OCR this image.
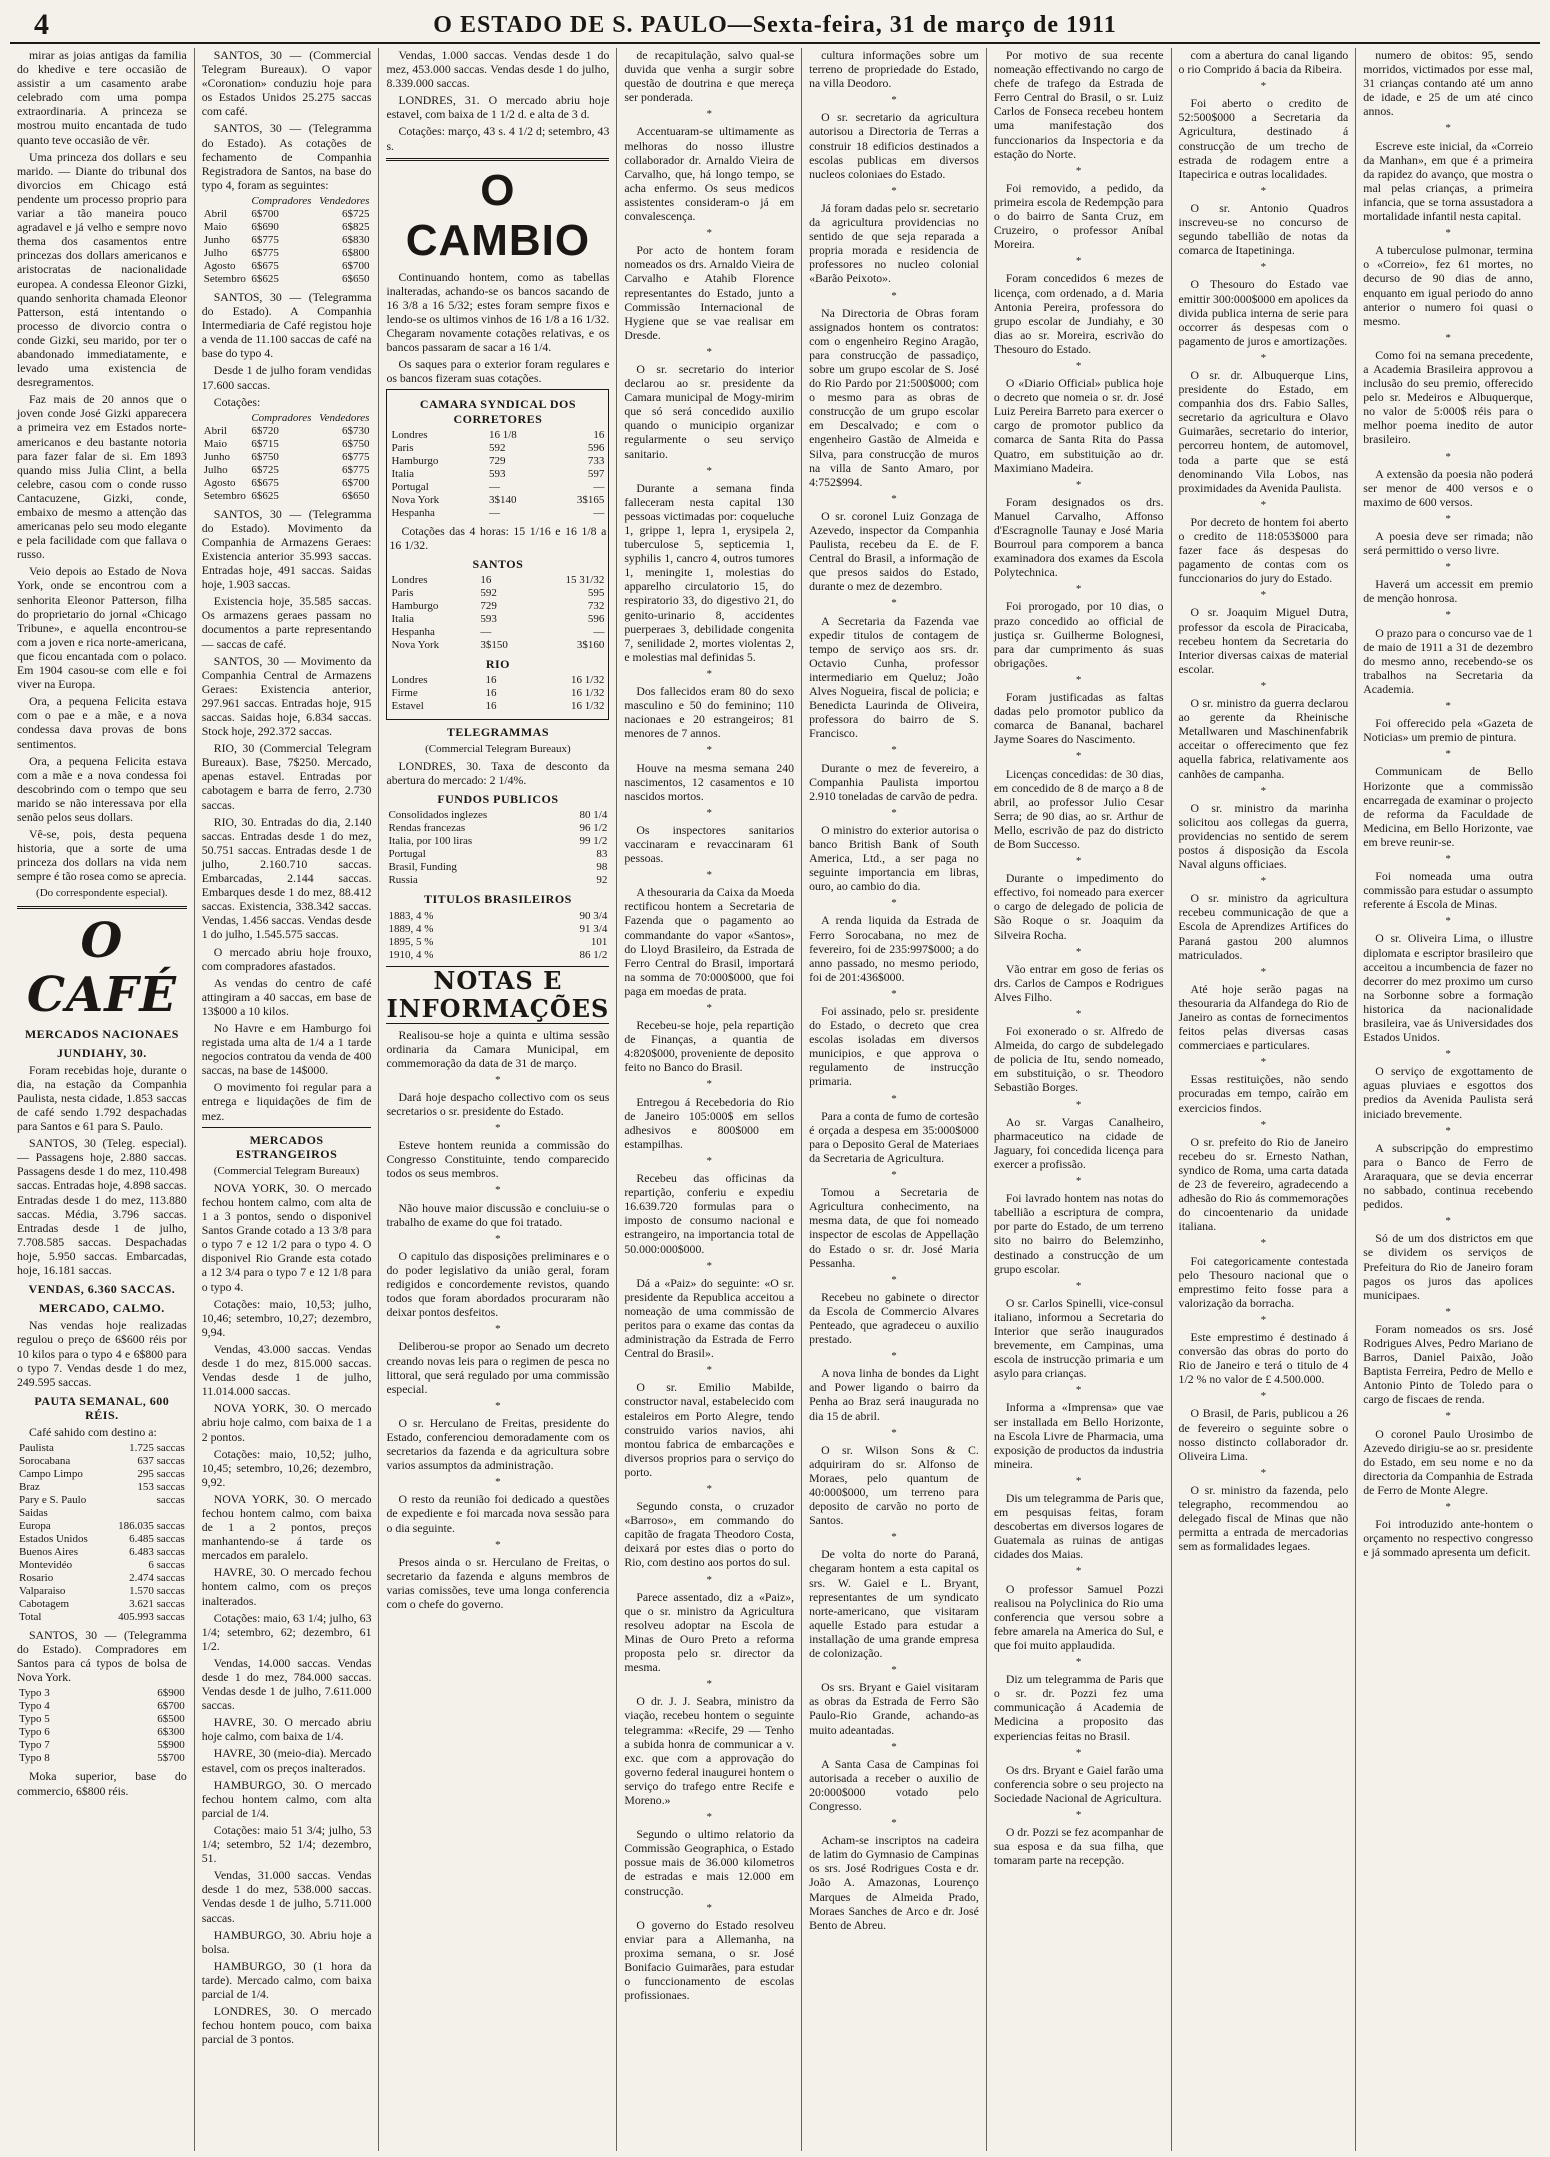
4	O ESTADO DE S. PAULO—Sexta-feira, 31 de março de 1911

mirar as joias antigas da familia do khedive e tere occasião de assistir a um casamento arabe celebrado com uma pompa extraordinaria. A princeza se mostrou muito encantada de tudo quanto teve occasião de vêr.

Uma princeza dos dollars e seu marido. — Diante do tribunal dos divorcios em Chicago está pendente um processo proprio para variar a tão maneira pouco agradavel e já velho e sempre novo thema dos casamentos entre princezas dos dollars americanos e aristocratas de nacionalidade europea. A condessa Eleonor Gizki, quando senhorita chamada Eleonor Patterson, está intentando o processo de divorcio contra o conde Gizki, seu marido, por ter o abandonado immediatamente, e levado uma existencia de desregramentos.

Faz mais de 20 annos que o joven conde José Gizki apparecera a primeira vez em Estados norte-americanos e deu bastante notoria para fazer falar de si. Em 1893 quando miss Julia Clint, a bella celebre, casou com o conde russo Cantacuzene, Gizki, conde, embaixo de mesmo a attenção das americanas pelo seu modo elegante e pela facilidade com que fallava o russo.

Veio depois ao Estado de Nova York, onde se encontrou com a senhorita Eleonor Patterson, filha do proprietario do jornal «Chicago Tribune», e aquella encontrou-se com a joven e rica norte-americana, que ficou encantada com o polaco. Em 1904 casou-se com elle e foi viver na Europa.

Ora, a pequena Felicita estava com o pae e a mãe, e a nova condessa dava provas de bons sentimentos.

Ora, a pequena Felicita estava com a mãe e a nova condessa foi descobrindo com o tempo que seu marido se não interessava por ella senão pelos seus dollars.

Vê-se, pois, desta pequena historia, que a sorte de uma princeza dos dollars na vida nem sempre é tão rosea como se aprecia.

(Do correspondente especial).
O CAFÉ
MERCADOS NACIONAES
JUNDIAHY, 30.

Foram recebidas hoje, durante o dia, na estação da Companhia Paulista, nesta cidade, 1.853 saccas de café sendo 1.792 despachadas para Santos e 61 para S. Paulo.

SANTOS, 30 (Teleg. especial). — Passagens hoje, 2.880 saccas. Passagens desde 1 do mez, 110.498 saccas. Entradas hoje, 4.898 saccas. Entradas desde 1 do mez, 113.880 saccas. Média, 3.796 saccas. Entradas desde 1 de julho, 7.708.585 saccas. Despachadas hoje, 5.950 saccas. Embarcadas, hoje, 16.181 saccas.

VENDAS, 6.360 SACCAS.
MERCADO, CALMO.

Nas vendas hoje realizadas regulou o preço de 6$600 réis por 10 kilos para o typo 4 e 6$800 para o typo 7. Vendas desde 1 do mez, 249.595 saccas.

PAUTA SEMANAL, 600 RÉIS.

Café sahido com destino a:

Paulista	1.725 saccas
Sorocabana	637 saccas
Campo Limpo	295 saccas
Braz	153 saccas
Pary e S. Paulo	saccas
Saidas	
Europa	186.035 saccas
Estados Unidos	6.485 saccas
Buenos Aires	6.483 saccas
Montevidéo	6 saccas
Rosario	2.474 saccas
Valparaiso	1.570 saccas
Cabotagem	3.621 saccas
Total	405.993 saccas

SANTOS, 30 — (Telegramma do Estado). Compradores em Santos para cá typos de bolsa de Nova York.

Typo 3	6$900
Typo 4	6$700
Typo 5	6$500
Typo 6	6$300
Typo 7	5$900
Typo 8	5$700

Moka superior, base do commercio, 6$800 réis.

SANTOS, 30 — (Commercial Telegram Bureaux). O vapor «Coronation» conduziu hoje para os Estados Unidos 25.275 saccas com café.

SANTOS, 30 — (Telegramma do Estado). As cotações de fechamento de Companhia Registradora de Santos, na base do typo 4, foram as seguintes:

	Compradores	Vendedores
Abril	6$700	6$725
Maio	6$690	6$825
Junho	6$775	6$830
Julho	6$775	6$800
Agosto	6$675	6$700
Setembro	6$625	6$650

SANTOS, 30 — (Telegramma do Estado). A Companhia Intermediaria de Café registou hoje a venda de 11.100 saccas de café na base do typo 4.

Desde 1 de julho foram vendidas 17.600 saccas.

Cotações:

	Compradores	Vendedores
Abril	6$720	6$730
Maio	6$715	6$750
Junho	6$750	6$775
Julho	6$725	6$775
Agosto	6$675	6$700
Setembro	6$625	6$650

SANTOS, 30 — (Telegramma do Estado). Movimento da Companhia de Armazens Geraes: Existencia anterior 35.993 saccas. Entradas hoje, 491 saccas. Saidas hoje, 1.903 saccas.

Existencia hoje, 35.585 saccas. Os armazens geraes passam no documentos a parte representando — saccas de café.

SANTOS, 30 — Movimento da Companhia Central de Armazens Geraes: Existencia anterior, 297.961 saccas. Entradas hoje, 915 saccas. Saidas hoje, 6.834 saccas. Stock hoje, 292.372 saccas.

RIO, 30 (Commercial Telegram Bureaux). Base, 7$250. Mercado, apenas estavel. Entradas por cabotagem e barra de ferro, 2.730 saccas.

RIO, 30. Entradas do dia, 2.140 saccas. Entradas desde 1 do mez, 50.751 saccas. Entradas desde 1 de julho, 2.160.710 saccas. Embarcadas, 2.144 saccas. Embarques desde 1 do mez, 88.412 saccas. Existencia, 338.342 saccas. Vendas, 1.456 saccas. Vendas desde 1 do julho, 1.545.575 saccas.

O mercado abriu hoje frouxo, com compradores afastados.

As vendas do centro de café attingiram a 40 saccas, em base de 13$000 a 10 kilos.

No Havre e em Hamburgo foi registada uma alta de 1/4 a 1 tarde negocios contratou da venda de 400 saccas, na base de 14$000.

O movimento foi regular para a entrega e liquidações de fim de mez.

MERCADOS ESTRANGEIROS
(Commercial Telegram Bureaux)

NOVA YORK, 30. O mercado fechou hontem calmo, com alta de 1 a 3 pontos, sendo o disponivel Santos Grande cotado a 13 3/8 para o typo 7 e 12 1/2 para o typo 4. O disponivel Rio Grande esta cotado a 12 3/4 para o typo 7 e 12 1/8 para o typo 4.

Cotações: maio, 10,53; julho, 10,46; setembro, 10,27; dezembro, 9,94.

Vendas, 43.000 saccas. Vendas desde 1 do mez, 815.000 saccas. Vendas desde 1 de julho, 11.014.000 saccas.

NOVA YORK, 30. O mercado abriu hoje calmo, com baixa de 1 a 2 pontos.

Cotações: maio, 10,52; julho, 10,45; setembro, 10,26; dezembro, 9,92.

NOVA YORK, 30. O mercado fechou hontem calmo, com baixa de 1 a 2 pontos, preços manhantendo-se á tarde os mercados em paralelo.

HAVRE, 30. O mercado fechou hontem calmo, com os preços inalterados.

Cotações: maio, 63 1/4; julho, 63 1/4; setembro, 62; dezembro, 61 1/2.

Vendas, 14.000 saccas. Vendas desde 1 do mez, 784.000 saccas. Vendas desde 1 de julho, 7.611.000 saccas.

HAVRE, 30. O mercado abriu hoje calmo, com baixa de 1/4.

HAVRE, 30 (meio-dia). Mercado estavel, com os preços inalterados.

HAMBURGO, 30. O mercado fechou hontem calmo, com alta parcial de 1/4.

Cotações: maio 51 3/4; julho, 53 1/4; setembro, 52 1/4; dezembro, 51.

Vendas, 31.000 saccas. Vendas desde 1 do mez, 538.000 saccas. Vendas desde 1 de julho, 5.711.000 saccas.

HAMBURGO, 30. Abriu hoje a bolsa.

HAMBURGO, 30 (1 hora da tarde). Mercado calmo, com baixa parcial de 1/4.

LONDRES, 30. O mercado fechou hontem pouco, com baixa parcial de 3 pontos.

Vendas, 1.000 saccas. Vendas desde 1 do mez, 453.000 saccas. Vendas desde 1 do julho, 8.339.000 saccas.

LONDRES, 31. O mercado abriu hoje estavel, com baixa de 1 1/2 d. e alta de 3 d.

Cotações: março, 43 s. 4 1/2 d; setembro, 43 s.

O CAMBIO

Continuando hontem, como as tabellas inalteradas, achando-se os bancos sacando de 16 3/8 a 16 5/32; estes foram sempre fixos e lendo-se os ultimos vinhos de 16 1/8 a 16 1/32. Chegaram novamente cotações relativas, e os bancos passaram de sacar a 16 1/4.

Os saques para o exterior foram regulares e os bancos fizeram suas cotações.

CAMARA SYNDICAL DOS CORRETORES
Londres	16 1/8	16
Paris	592	596
Hamburgo	729	733
Italia	593	597
Portugal	—	—
Nova York	3$140	3$165
Hespanha	—	—

Cotações das 4 horas: 15 1/16 e 16 1/8 a 16 1/32.

SANTOS
Londres	16	15 31/32
Paris	592	595
Hamburgo	729	732
Italia	593	596
Hespanha	—	—
Nova York	3$150	3$160
RIO
Londres	16	16 1/32
Firme	16	16 1/32
Estavel	16	16 1/32
TELEGRAMMAS
(Commercial Telegram Bureaux)

LONDRES, 30. Taxa de desconto da abertura do mercado: 2 1/4%.

FUNDOS PUBLICOS
Consolidados inglezes	80 1/4
Rendas francezas	96 1/2
Italia, por 100 liras	99 1/2
Portugal	83
Brasil, Funding	98
Russia	92
TITULOS BRASILEIROS
1883, 4 %	90 3/4
1889, 4 %	91 3/4
1895, 5 %	101
1910, 4 %	86 1/2
NOTAS E INFORMAÇÕES

Realisou-se hoje a quinta e ultima sessão ordinaria da Camara Municipal, em commemoração da data de 31 de março.

*

Dará hoje despacho collectivo com os seus secretarios o sr. presidente do Estado.

*

Esteve hontem reunida a commissão do Congresso Constituinte, tendo comparecido todos os seus membros.

*

Não houve maior discussão e concluiu-se o trabalho de exame do que foi tratado.

*

O capitulo das disposições preliminares e o do poder legislativo da união geral, foram redigidos e concordemente revistos, quando todos que foram abordados procuraram não deixar pontos desfeitos.

*

Deliberou-se propor ao Senado um decreto creando novas leis para o regimen de pesca no littoral, que será regulado por uma commissão especial.

*

O sr. Herculano de Freitas, presidente do Estado, conferenciou demoradamente com os secretarios da fazenda e da agricultura sobre varios assumptos da administração.

*

O resto da reunião foi dedicado a questões de expediente e foi marcada nova sessão para o dia seguinte.

*

Presos ainda o sr. Herculano de Freitas, o secretario da fazenda e alguns membros de varias comissões, teve uma longa conferencia com o chefe do governo.

de recapitulação, salvo qual-se duvida que venha a surgir sobre questão de doutrina e que mereça ser ponderada.

*

Accentuaram-se ultimamente as melhoras do nosso illustre collaborador dr. Arnaldo Vieira de Carvalho, que, há longo tempo, se acha enfermo. Os seus medicos assistentes consideram-o já em convalescença.

*

Por acto de hontem foram nomeados os drs. Arnaldo Vieira de Carvalho e Atahib Florence representantes do Estado, junto a Commissão Internacional de Hygiene que se vae realisar em Dresde.

*

O sr. secretario do interior declarou ao sr. presidente da Camara municipal de Mogy-mirim que só será concedido auxilio quando o municipio organizar regularmente o seu serviço sanitario.

*

Durante a semana finda falleceram nesta capital 130 pessoas victimadas por: coqueluche 1, grippe 1, lepra 1, erysipela 2, tuberculose 5, septicemia 1, syphilis 1, cancro 4, outros tumores 1, meningite 1, molestias do apparelho circulatorio 15, do respiratorio 33, do digestivo 21, do genito-urinario 8, accidentes puerperaes 3, debilidade congenita 7, senilidade 2, mortes violentas 2, e molestias mal definidas 5.

*

Dos fallecidos eram 80 do sexo masculino e 50 do feminino; 110 nacionaes e 20 estrangeiros; 81 menores de 7 annos.

*

Houve na mesma semana 240 nascimentos, 12 casamentos e 10 nascidos mortos.

*

Os inspectores sanitarios vaccinaram e revaccinaram 61 pessoas.

*

A thesouraria da Caixa da Moeda rectificou hontem a Secretaria de Fazenda que o pagamento ao commandante do vapor «Santos», do Lloyd Brasileiro, da Estrada de Ferro Central do Brasil, importará na somma de 70:000$000, que foi paga em moedas de prata.

*

Recebeu-se hoje, pela repartição de Finanças, a quantia de 4:820$000, proveniente de deposito feito no Banco do Brasil.

*

Entregou á Recebedoria do Rio de Janeiro 105:000$ em sellos adhesivos e 800$000 em estampilhas.

*

Recebeu das officinas da repartição, conferiu e expediu 16.639.720 formulas para o imposto de consumo nacional e estrangeiro, na importancia total de 50.000:000$000.

*

Dá a «Paiz» do seguinte: «O sr. presidente da Republica acceitou a nomeação de uma commissão de peritos para o exame das contas da administração da Estrada de Ferro Central do Brasil».

*

O sr. Emilio Mabilde, constructor naval, estabelecido com estaleiros em Porto Alegre, tendo construido varios navios, ahi montou fabrica de embarcações e diversos proprios para o serviço do porto.

*

Segundo consta, o cruzador «Barroso», em commando do capitão de fragata Theodoro Costa, deixará por estes dias o porto do Rio, com destino aos portos do sul.

*

Parece assentado, diz a «Paiz», que o sr. ministro da Agricultura resolveu adoptar na Escola de Minas de Ouro Preto a reforma proposta pelo sr. director da mesma.

*

O dr. J. J. Seabra, ministro da viação, recebeu hontem o seguinte telegramma: «Recife, 29 — Tenho a subida honra de communicar a v. exc. que com a approvação do governo federal inaugurei hontem o serviço do trafego entre Recife e Moreno.»

*

Segundo o ultimo relatorio da Commissão Geographica, o Estado possue mais de 36.000 kilometros de estradas e mais 12.000 em construcção.

*

O governo do Estado resolveu enviar para a Allemanha, na proxima semana, o sr. José Bonifacio Guimarães, para estudar o funccionamento de escolas profissionaes.

cultura informações sobre um terreno de propriedade do Estado, na villa Deodoro.

*

O sr. secretario da agricultura autorisou a Directoria de Terras a construir 18 edificios destinados a escolas publicas em diversos nucleos coloniaes do Estado.

*

Já foram dadas pelo sr. secretario da agricultura providencias no sentido de que seja reparada a propria morada e residencia de professores no nucleo colonial «Barão Peixoto».

*

Na Directoria de Obras foram assignados hontem os contratos: com o engenheiro Regino Aragão, para construcção de passadiço, sobre um grupo escolar de S. José do Rio Pardo por 21:500$000; com o mesmo para as obras de construcção de um grupo escolar em Descalvado; e com o engenheiro Gastão de Almeida e Silva, para construcção de muros na villa de Santo Amaro, por 4:752$994.

*

O sr. coronel Luiz Gonzaga de Azevedo, inspector da Companhia Paulista, recebeu da E. de F. Central do Brasil, a informação de que presos saidos do Estado, durante o mez de dezembro.

*

A Secretaria da Fazenda vae expedir titulos de contagem de tempo de serviço aos srs. dr. Octavio Cunha, professor intermediario em Queluz; João Alves Nogueira, fiscal de policia; e Benedicta Laurinda de Oliveira, professora do bairro de S. Francisco.

*

Durante o mez de fevereiro, a Companhia Paulista importou 2.910 toneladas de carvão de pedra.

*

O ministro do exterior autorisa o banco British Bank of South America, Ltd., a ser paga no seguinte importancia em libras, ouro, ao cambio do dia.

*

A renda liquida da Estrada de Ferro Sorocabana, no mez de fevereiro, foi de 235:997$000; a do anno passado, no mesmo periodo, foi de 201:436$000.

*

Foi assinado, pelo sr. presidente do Estado, o decreto que crea escolas isoladas em diversos municipios, e que approva o regulamento de instrucção primaria.

*

Para a conta de fumo de cortesão é orçada a despesa em 35:000$000 para o Deposito Geral de Materiaes da Secretaria de Agricultura.

*

Tomou a Secretaria de Agricultura conhecimento, na mesma data, de que foi nomeado inspector de escolas de Appellação do Estado o sr. dr. José Maria Pessanha.

*

Recebeu no gabinete o director da Escola de Commercio Alvares Penteado, que agradeceu o auxilio prestado.

*

A nova linha de bondes da Light and Power ligando o bairro da Penha ao Braz será inaugurada no dia 15 de abril.

*

O sr. Wilson Sons & C. adquiriram do sr. Alfonso de Moraes, pelo quantum de 40:000$000, um terreno para deposito de carvão no porto de Santos.

*

De volta do norte do Paraná, chegaram hontem a esta capital os srs. W. Gaiel e L. Bryant, representantes de um syndicato norte-americano, que visitaram aquelle Estado para estudar a installação de uma grande empresa de colonização.

*

Os srs. Bryant e Gaiel visitaram as obras da Estrada de Ferro São Paulo-Rio Grande, achando-as muito adeantadas.

*

A Santa Casa de Campinas foi autorisada a receber o auxilio de 20:000$000 votado pelo Congresso.

*

Acham-se inscriptos na cadeira de latim do Gymnasio de Campinas os srs. José Rodrigues Costa e dr. João A. Amazonas, Lourenço Marques de Almeida Prado, Moraes Sanches de Arco e dr. José Bento de Abreu.

Por motivo de sua recente nomeação effectivando no cargo de chefe de trafego da Estrada de Ferro Central do Brasil, o sr. Luiz Carlos de Fonseca recebeu hontem uma manifestação dos funccionarios da Inspectoria e da estação do Norte.

*

Foi removido, a pedido, da primeira escola de Redempção para o do bairro de Santa Cruz, em Cruzeiro, o professor Aníbal Moreira.

*

Foram concedidos 6 mezes de licença, com ordenado, a d. Maria Antonia Pereira, professora do grupo escolar de Jundiahy, e 30 dias ao sr. Moreira, escrivão do Thesouro do Estado.

*

O «Diario Official» publica hoje o decreto que nomeia o sr. dr. José Luiz Pereira Barreto para exercer o cargo de promotor publico da comarca de Santa Rita do Passa Quatro, em substituição ao dr. Maximiano Madeira.

*

Foram designados os drs. Manuel Carvalho, Affonso d'Escragnolle Taunay e José Maria Bourroul para comporem a banca examinadora dos exames da Escola Polytechnica.

*

Foi prorogado, por 10 dias, o prazo concedido ao official de justiça sr. Guilherme Bolognesi, para dar cumprimento ás suas obrigações.

*

Foram justificadas as faltas dadas pelo promotor publico da comarca de Bananal, bacharel Jayme Soares do Nascimento.

*

Licenças concedidas: de 30 dias, em concedido de 8 de março a 8 de abril, ao professor Julio Cesar Serra; de 90 dias, ao sr. Arthur de Mello, escrivão de paz do districto de Bom Successo.

*

Durante o impedimento do effectivo, foi nomeado para exercer o cargo de delegado de policia de São Roque o sr. Joaquim da Silveira Rocha.

*

Vão entrar em goso de ferias os drs. Carlos de Campos e Rodrigues Alves Filho.

*

Foi exonerado o sr. Alfredo de Almeida, do cargo de subdelegado de policia de Itu, sendo nomeado, em substituição, o sr. Theodoro Sebastião Borges.

*

Ao sr. Vargas Canalheiro, pharmaceutico na cidade de Jaguary, foi concedida licença para exercer a profissão.

*

Foi lavrado hontem nas notas do tabellião a escriptura de compra, por parte do Estado, de um terreno sito no bairro do Belemzinho, destinado a construcção de um grupo escolar.

*

O sr. Carlos Spinelli, vice-consul italiano, informou a Secretaria do Interior que serão inaugurados brevemente, em Campinas, uma escola de instrucção primaria e um asylo para crianças.

*

Informa a «Imprensa» que vae ser installada em Bello Horizonte, na Escola Livre de Pharmacia, uma exposição de productos da industria mineira.

*

Dis um telegramma de Paris que, em pesquisas feitas, foram descobertas em diversos logares de Guatemala as ruinas de antigas cidades dos Maias.

*

O professor Samuel Pozzi realisou na Polyclinica do Rio uma conferencia que versou sobre a febre amarela na America do Sul, e que foi muito applaudida.

*

Diz um telegramma de Paris que o sr. dr. Pozzi fez uma communicação á Academia de Medicina a proposito das experiencias feitas no Brasil.

*

Os drs. Bryant e Gaiel farão uma conferencia sobre o seu projecto na Sociedade Nacional de Agricultura.

*

O dr. Pozzi se fez acompanhar de sua esposa e da sua filha, que tomaram parte na recepção.

com a abertura do canal ligando o rio Comprido á bacia da Ribeira.

*

Foi aberto o credito de 52:500$000 a Secretaria da Agricultura, destinado á construcção de um trecho de estrada de rodagem entre a Itapecirica e outras localidades.

*

O sr. Antonio Quadros inscreveu-se no concurso de segundo tabellião de notas da comarca de Itapetininga.

*

O Thesouro do Estado vae emittir 300:000$000 em apolices da divida publica interna de serie para occorrer ás despesas com o pagamento de juros e amortizações.

*

O sr. dr. Albuquerque Lins, presidente do Estado, em companhia dos drs. Fabio Salles, secretario da agricultura e Olavo Guimarães, secretario do interior, percorreu hontem, de automovel, toda a parte que se está denominando Vila Lobos, nas proximidades da Avenida Paulista.

*

Por decreto de hontem foi aberto o credito de 118:053$000 para fazer face ás despesas do pagamento de contas com os funccionarios do jury do Estado.

*

O sr. Joaquim Miguel Dutra, professor da escola de Piracicaba, recebeu hontem da Secretaria do Interior diversas caixas de material escolar.

*

O sr. ministro da guerra declarou ao gerente da Rheinische Metallwaren und Maschinenfabrik acceitar o offerecimento que fez aquella fabrica, relativamente aos canhões de campanha.

*

O sr. ministro da marinha solicitou aos collegas da guerra, providencias no sentido de serem postos á disposição da Escola Naval alguns officiaes.

*

O sr. ministro da agricultura recebeu communicação de que a Escola de Aprendizes Artifices do Paraná gastou 200 alumnos matriculados.

*

Até hoje serão pagas na thesouraria da Alfandega do Rio de Janeiro as contas de fornecimentos feitos pelas diversas casas commerciaes e particulares.

*

Essas restituições, não sendo procuradas em tempo, caírão em exercicios findos.

*

O sr. prefeito do Rio de Janeiro recebeu do sr. Ernesto Nathan, syndico de Roma, uma carta datada de 23 de fevereiro, agradecendo a adhesão do Rio ás commemorações do cincoentenario da unidade italiana.

*

Foi categoricamente contestada pelo Thesouro nacional que o emprestimo feito fosse para a valorização da borracha.

*

Este emprestimo é destinado á conversão das obras do porto do Rio de Janeiro e terá o titulo de 4 1/2 % no valor de £ 4.500.000.

*

O Brasil, de Paris, publicou a 26 de fevereiro o seguinte sobre o nosso distincto collaborador dr. Oliveira Lima.

*

O sr. ministro da fazenda, pelo telegrapho, recommendou ao delegado fiscal de Minas que não permitta a entrada de mercadorias sem as formalidades legaes.

numero de obitos: 95, sendo morridos, victimados por esse mal, 31 crianças contando até um anno de idade, e 25 de um até cinco annos.

*

Escreve este inicial, da «Correio da Manhan», em que é a primeira da rapidez do avanço, que mostra o mal pelas crianças, a primeira infancia, que se torna assustadora a mortalidade infantil nesta capital.

*

A tuberculose pulmonar, termina o «Correio», fez 61 mortes, no decurso de 90 dias de anno, enquanto em igual periodo do anno anterior o numero foi quasi o mesmo.

*

Como foi na semana precedente, a Academia Brasileira approvou a inclusão do seu premio, offerecido pelo sr. Medeiros e Albuquerque, no valor de 5:000$ réis para o melhor poema inedito de autor brasileiro.

*

A extensão da poesia não poderá ser menor de 400 versos e o maximo de 600 versos.

*

A poesia deve ser rimada; não será permittido o verso livre.

*

Haverá um accessit em premio de menção honrosa.

*

O prazo para o concurso vae de 1 de maio de 1911 a 31 de dezembro do mesmo anno, recebendo-se os trabalhos na Secretaria da Academia.

*

Foi offerecido pela «Gazeta de Noticias» um premio de pintura.

*

Communicam de Bello Horizonte que a commissão encarregada de examinar o projecto de reforma da Faculdade de Medicina, em Bello Horizonte, vae em breve reunir-se.

*

Foi nomeada uma outra commissão para estudar o assumpto referente á Escola de Minas.

*

O sr. Oliveira Lima, o illustre diplomata e escriptor brasileiro que acceitou a incumbencia de fazer no decorrer do mez proximo um curso na Sorbonne sobre a formação historica da nacionalidade brasileira, vae ás Universidades dos Estados Unidos.

*

O serviço de exgottamento de aguas pluviaes e esgottos dos predios da Avenida Paulista será iniciado brevemente.

*

A subscripção do emprestimo para o Banco de Ferro de Araraquara, que se devia encerrar no sabbado, continua recebendo pedidos.

*

Só de um dos districtos em que se dividem os serviços de Prefeitura do Rio de Janeiro foram pagos os juros das apolices municipaes.

*

Foram nomeados os srs. José Rodrigues Alves, Pedro Mariano de Barros, Daniel Paixão, João Baptista Ferreira, Pedro de Mello e Antonio Pinto de Toledo para o cargo de fiscaes de renda.

*

O coronel Paulo Urosimbo de Azevedo dirigiu-se ao sr. presidente do Estado, em seu nome e no da directoria da Companhia de Estrada de Ferro de Monte Alegre.

*

Foi introduzido ante-hontem o orçamento no respectivo congresso e já sommado apresenta um deficit.
